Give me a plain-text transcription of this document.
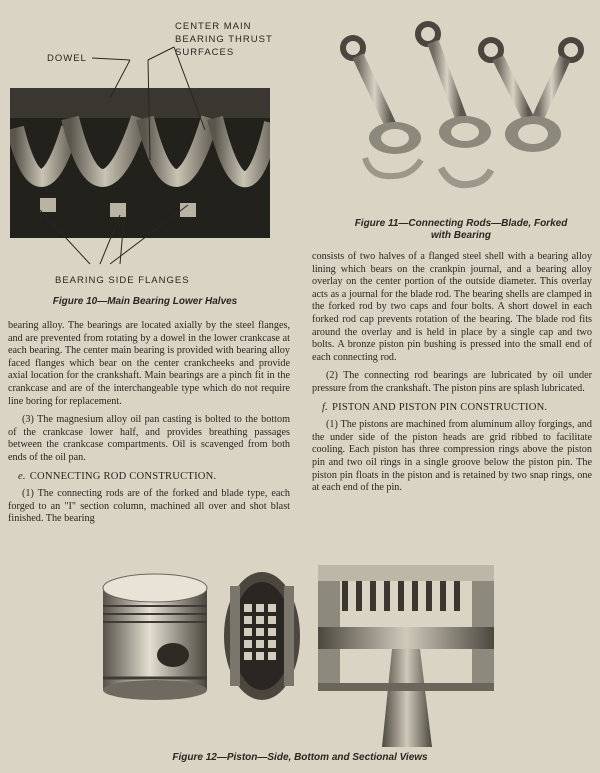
DOWEL
CENTER MAIN
BEARING THRUST
SURFACES
BEARING SIDE FLANGES
Figure 10—Main Bearing Lower Halves
Figure 11—Connecting Rods—Blade, Forked
with Bearing

bearing alloy. The bearings are located axially by the steel flanges, and are prevented from rotating by a dowel in the lower crankcase at each bearing. The center main bearing is provided with bearing alloy faced flanges which bear on the center crankcheeks and provide axial location for the crankshaft. Main bearings are a pinch fit in the crankcase and are of the interchangeable type which do not require line boring for replacement.

(3) The magnesium alloy oil pan casting is bolted to the bottom of the crankcase lower half, and provides breathing passages between the crankcase compartments. Oil is scavenged from both ends of the oil pan.

e. CONNECTING ROD CONSTRUCTION.

(1) The connecting rods are of the forked and blade type, each forged to an "I" section column, machined all over and shot blast finished. The bearing

consists of two halves of a flanged steel shell with a bearing alloy lining which bears on the crankpin journal, and a bearing alloy overlay on the center portion of the outside diameter. This overlay acts as a journal for the blade rod. The bearing shells are clamped in the forked rod by two caps and four bolts. A short dowel in each forked rod cap prevents rotation of the bearing. The blade rod fits around the overlay and is held in place by a single cap and two bolts. A bronze piston pin bushing is pressed into the small end of each connecting rod.

(2) The connecting rod bearings are lubricated by oil under pressure from the crankshaft. The piston pins are splash lubricated.

f. PISTON AND PISTON PIN CONSTRUCTION.

(1) The pistons are machined from aluminum alloy forgings, and the under side of the piston heads are grid ribbed to facilitate cooling. Each piston has three compression rings above the piston pin and two oil rings in a single groove below the piston pin. The piston pin floats in the piston and is retained by two snap rings, one at each end of the pin.

Figure 12—Piston—Side, Bottom and Sectional Views
